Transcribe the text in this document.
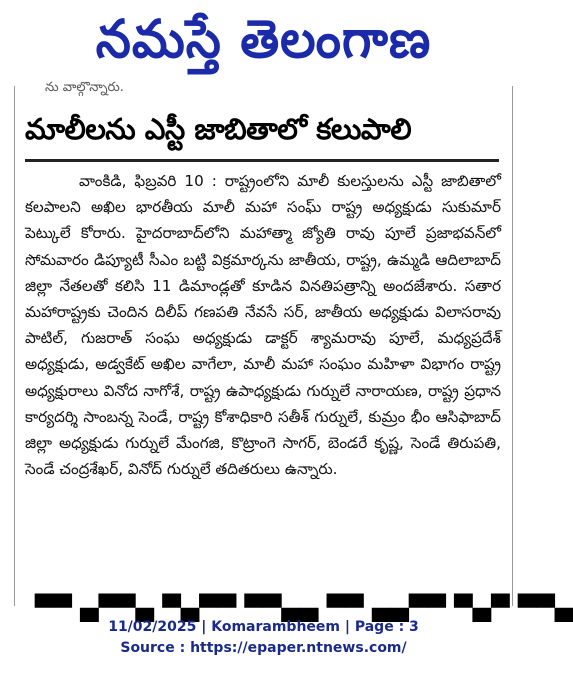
నమస్తే తెలంగాణ
ను వాల్గొన్నారు.
మాలీలను ఎస్టీ జాబితాలో కలుపాలి
వాంకిడి, ఫిబ్రవరి 10 : రాష్ట్రంలోని మాలీ కులస్తులను ఎస్టీ జాబితాలో కలపాలని అఖిల భారతీయ మాలీ మహా సంఘ్ రాష్ట్ర అధ్యక్షుడు సుకుమార్ పెట్కులే కోరారు. హైదరాబాద్‌లోని మహాత్మా జ్యోతి రావు పూలే ప్రజాభవన్‌లో సోమవారం డిప్యూటీ సీఎం బట్టి విక్రమార్కను జాతీయ, రాష్ట్ర, ఉమ్మడి ఆదిలాబాద్ జిల్లా నేతలతో కలిసి 11 డిమాండ్లతో కూడిన వినతిపత్రాన్ని అందజేశారు. సతార మహారాష్ట్రకు చెందిన దిలీప్ గణపతి నేవసే సర్, జాతీయ అధ్యక్షుడు విలాసరావు పాటిల్, గుజరాత్ సంఘ అధ్యక్షుడు డాక్టర్ శ్యామరావు పూలే, మధ్యప్రదేశ్ అధ్యక్షుడు, అడ్వకేట్ అఖిల వాగేలా, మాలీ మహా సంఘం మహిళా విభాగం రాష్ట్ర అధ్యక్షురాలు వినోద నాగోశే, రాష్ట్ర ఉపాధ్యక్షుడు గుర్నులే నారాయణ, రాష్ట్ర ప్రధాన కార్యదర్శి సాంబన్న సెండే, రాష్ట్ర కోశాధికారి సతీశ్ గుర్నులే, కుమ్రం భీం ఆసిఫాబాద్ జిల్లా అధ్యక్షుడు గుర్నులే మేంగజి, కొట్రాంగె సాగర్, బెండరే కృష్ణ, సెండే తిరుపతి, సెండే చంద్రశేఖర్, వినోద్ గుర్నులే తదితరులు ఉన్నారు.
▀▀ ▄▀▀▄ ▀▄▀▀ ▀▀▄▄ ▀▀ ▄▄▀▀ ▀▄▀ ▀▀▄
11/02/2025 | Komarambheem | Page : 3
Source : https://epaper.ntnews.com/
